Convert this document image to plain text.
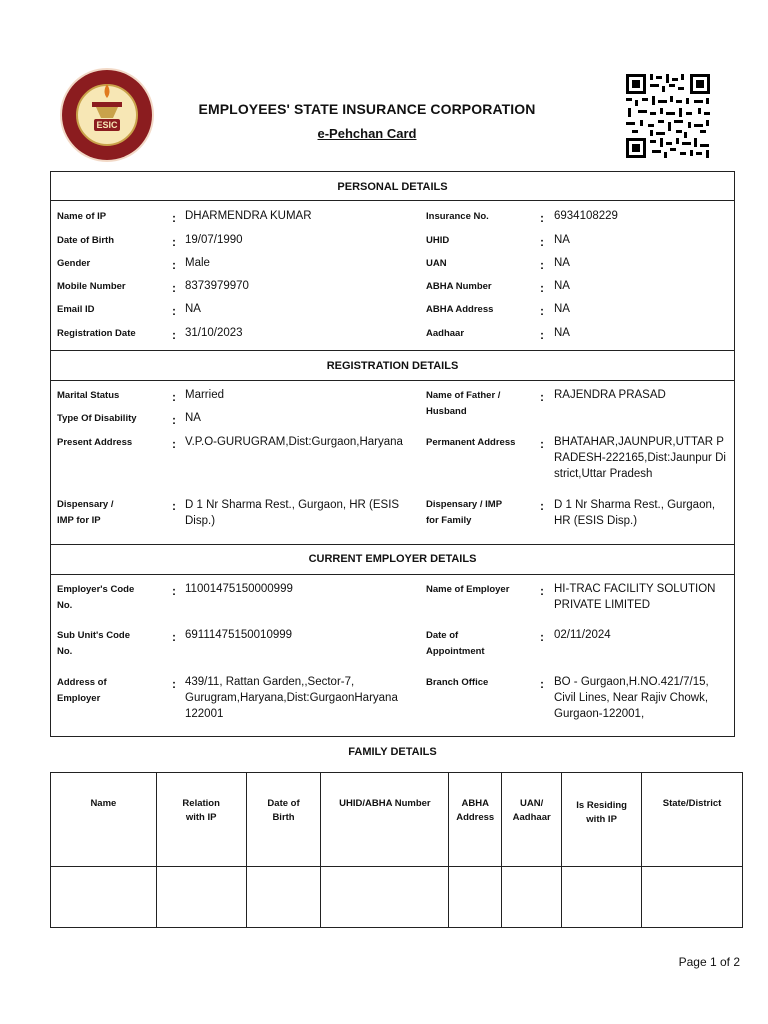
ESIC
EMPLOYEES' STATE INSURANCE CORPORATION
e-Pehchan Card
PERSONAL DETAILS
Name of IP	: DHARMENDRA KUMAR
Date of Birth	: 19/07/1990
Gender	: Male
Mobile Number	: 8373979970
Email ID	: NA
Registration Date	: 31/10/2023
Insurance No.	: 6934108229
UHID	: NA
UAN	: NA
ABHA Number	: NA
ABHA Address	: NA
Aadhaar	: NA
REGISTRATION DETAILS
Marital Status	: Married
Type Of Disability	: NA
Name of Father / Husband
: RAJENDRA PRASAD
Present Address	: V.P.O-GURUGRAM,Dist:Gurgaon,Haryana	Permanent Address : BHATAHAR,JAUNPUR,UTTAR PRADESH-222165,Dist:Jaunpur District,Uttar Pradesh
Dispensary / IMP for IP
: D 1 Nr Sharma Rest., Gurgaon, HR (ESIS Disp.)
Dispensary / IMP for Family
: D 1 Nr Sharma Rest., Gurgaon, HR (ESIS Disp.)
CURRENT EMPLOYER DETAILS
Employer's Code No.
: 11001475150000999	Name of Employer	: HI-TRAC FACILITY SOLUTION PRIVATE LIMITED
Sub Unit's Code No.
: 69111475150010999	Date of Appointment
: 02/11/2024
Address of Employer
: 439/11, Rattan Garden,,Sector-7, Gurugram,Haryana,Dist:GurgaonHaryana 122001
Branch Office	: BO - Gurgaon,H.NO.421/7/15, Civil Lines, Near Rajiv Chowk, Gurgaon-122001,
FAMILY DETAILS
Name	Relation with IP	Date of Birth	UHID/ABHA Number	ABHA Address	UAN/ Aadhaar	Is Residing with IP	State/District

Page 1 of 2
